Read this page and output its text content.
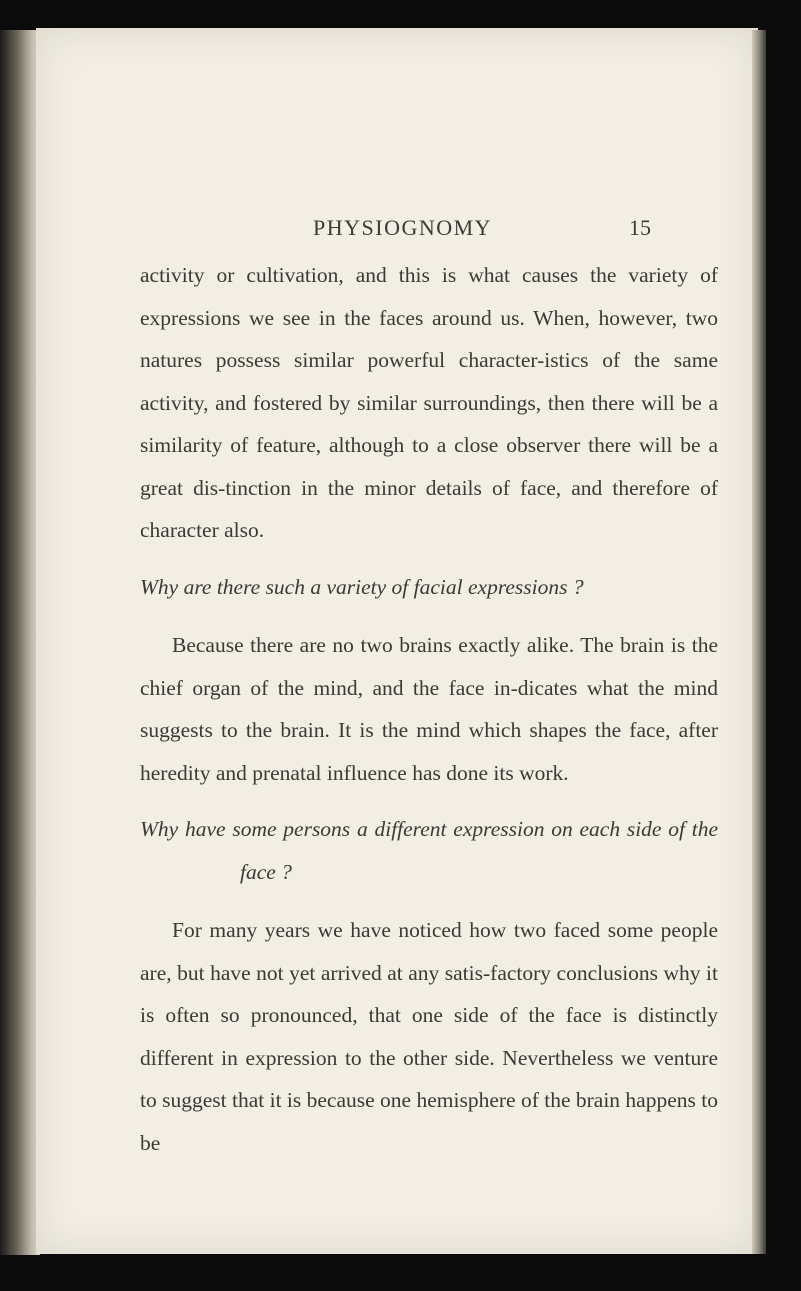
PHYSIOGNOMY	15

activity or cultivation, and this is what causes the variety of expressions we see in the faces around us. When, however, two natures possess similar powerful character-istics of the same activity, and fostered by similar surroundings, then there will be a similarity of feature, although to a close observer there will be a great dis-tinction in the minor details of face, and therefore of character also.

Why are there such a variety of facial expressions ?

Because there are no two brains exactly alike. The brain is the chief organ of the mind, and the face in-dicates what the mind suggests to the brain. It is the mind which shapes the face, after heredity and prenatal influence has done its work.

Why have some persons a different expression on each side of the face ?

For many years we have noticed how two faced some people are, but have not yet arrived at any satis-factory conclusions why it is often so pronounced, that one side of the face is distinctly different in expression to the other side. Nevertheless we venture to suggest that it is because one hemisphere of the brain happens to be
